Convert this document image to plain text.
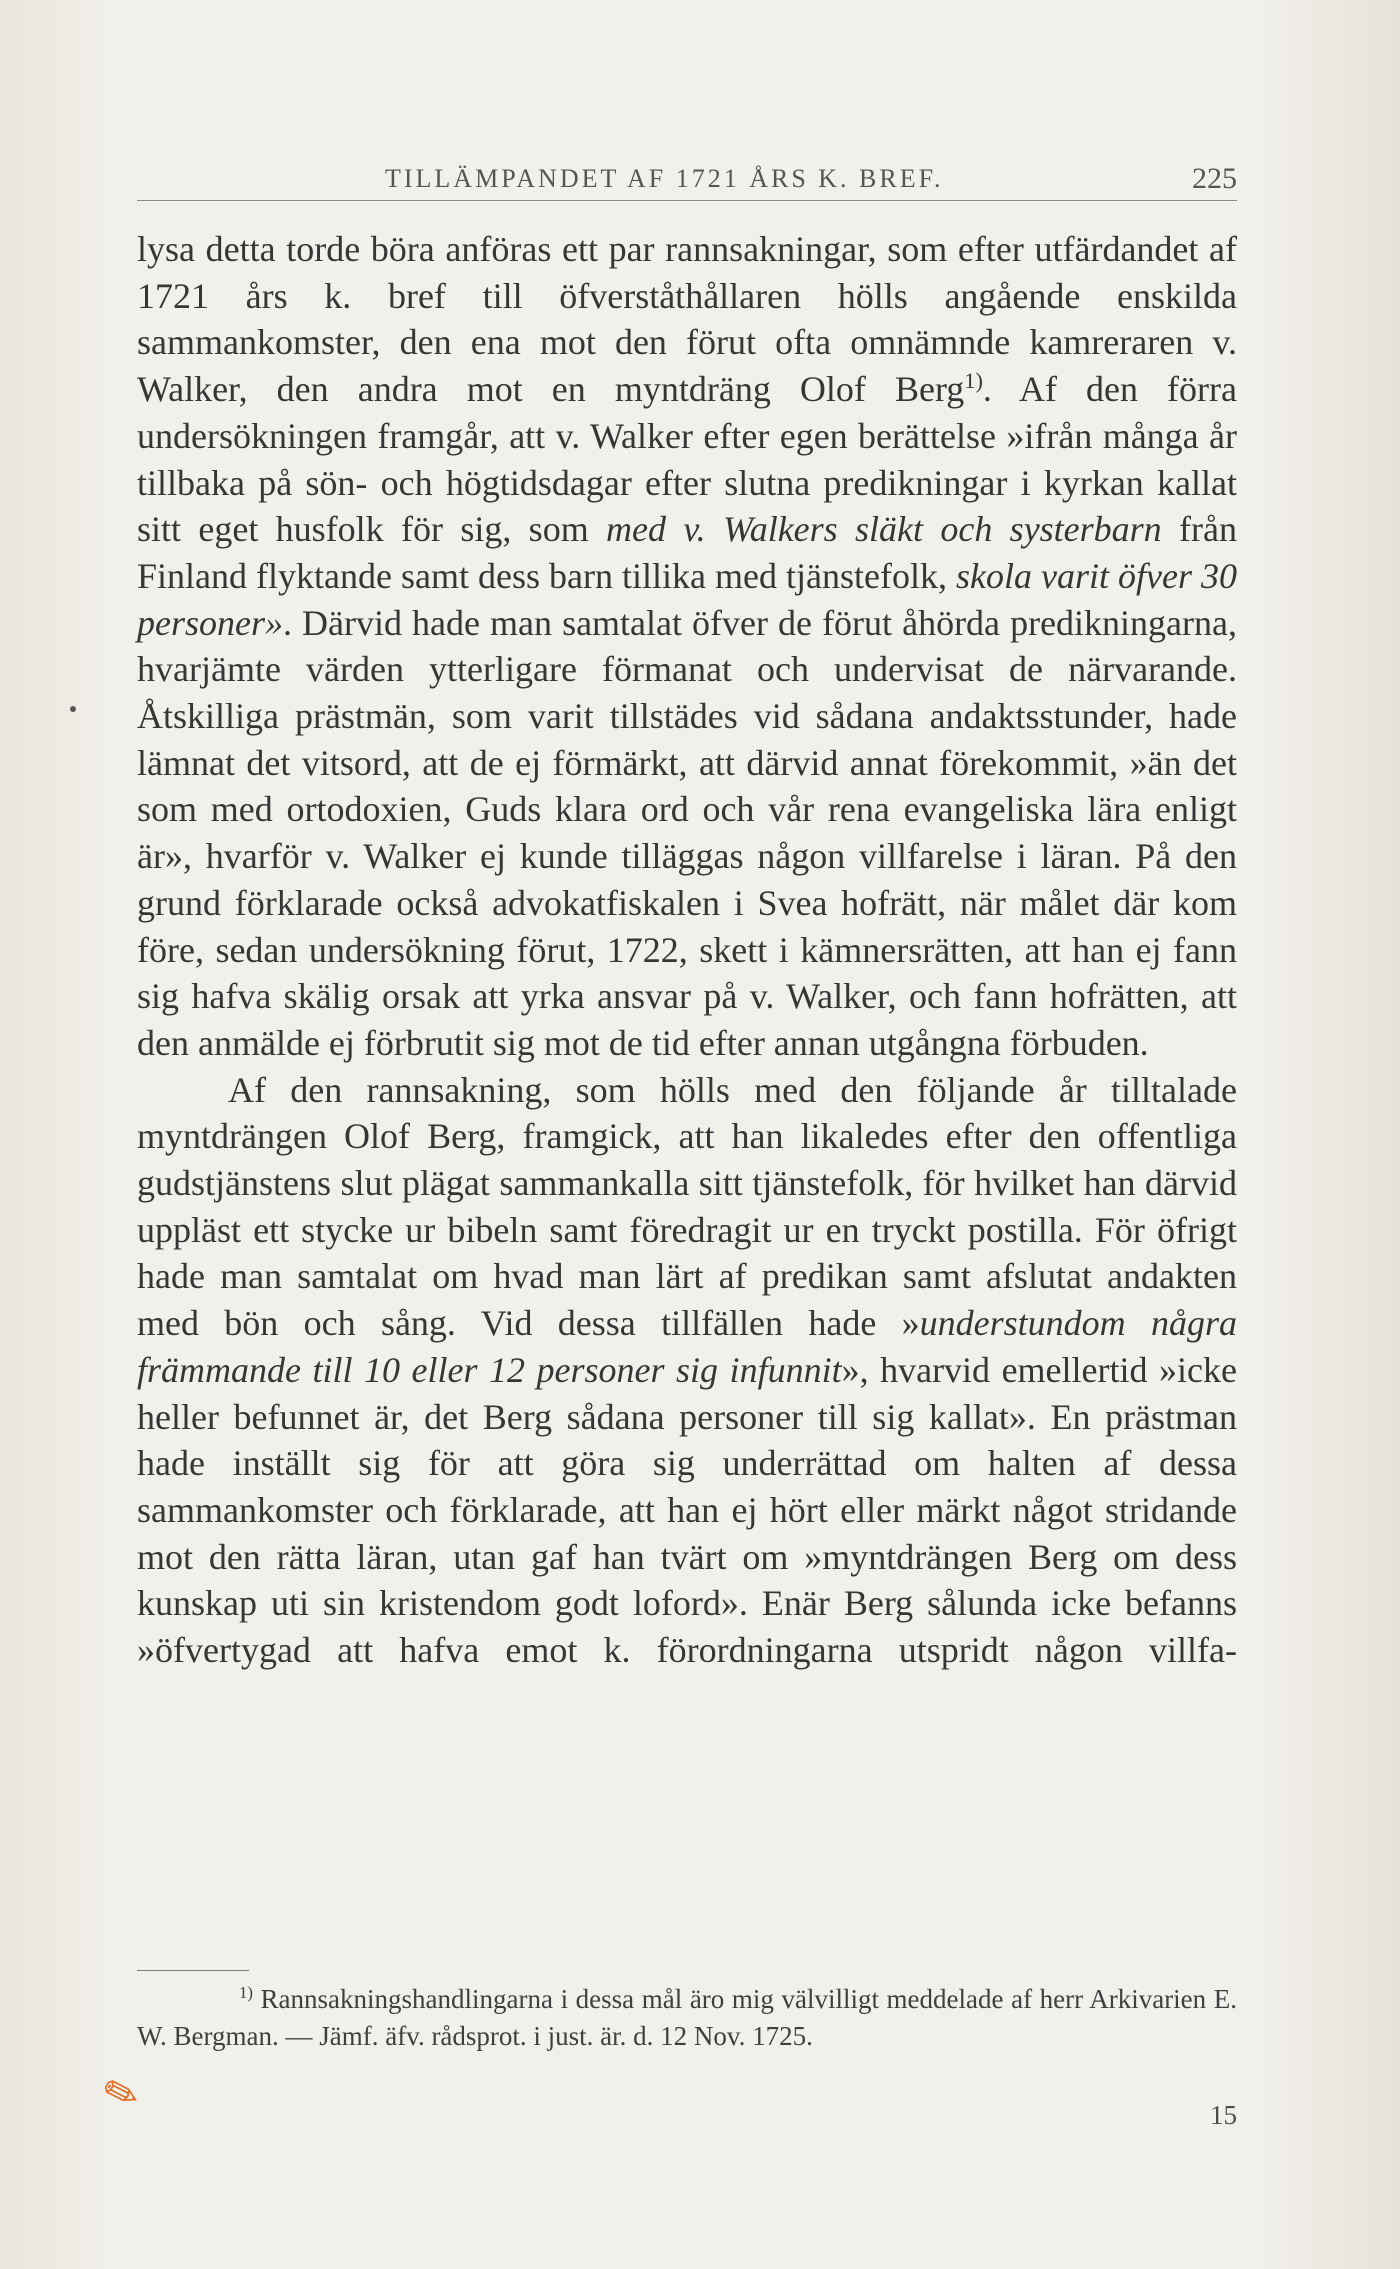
TILLÄMPANDET AF 1721 ÅRS K. BREF.	225

lysa detta torde böra anföras ett par rannsakningar, som efter utfärdandet af 1721 års k. bref till öfverståthållaren hölls angående enskilda sammankomster, den ena mot den förut ofta omnämnde kamreraren v. Walker, den andra mot en myntdräng Olof Berg$^{1)}$. Af den förra undersökningen framgår, att v. Walker efter egen berättelse »ifrån många år tillbaka på sön- och högtidsdagar efter slutna predikningar i kyrkan kallat sitt eget husfolk för sig, som med v. Walkers släkt och systerbarn från Finland flyktande samt dess barn tillika med tjänstefolk, skola varit öfver 30 personer». Därvid hade man samtalat öfver de förut åhörda predikningarna, hvarjämte värden ytterligare förmanat och undervisat de närvarande. Åtskilliga prästmän, som varit tillstädes vid sådana andaktsstunder, hade lämnat det vitsord, att de ej förmärkt, att därvid annat förekommit, »än det som med ortodoxien, Guds klara ord och vår rena evangeliska lära enligt är», hvarför v. Walker ej kunde tilläggas någon villfarelse i läran. På den grund förklarade också advokatfiskalen i Svea hofrätt, när målet där kom före, sedan undersökning förut, 1722, skett i kämnersrätten, att han ej fann sig hafva skälig orsak att yrka ansvar på v. Walker, och fann hofrätten, att den anmälde ej förbrutit sig mot de tid efter annan utgångna förbuden.

Af den rannsakning, som hölls med den följande år tilltalade myntdrängen Olof Berg, framgick, att han likaledes efter den offentliga gudstjänstens slut plägat sammankalla sitt tjänstefolk, för hvilket han därvid uppläst ett stycke ur bibeln samt föredragit ur en tryckt postilla. För öfrigt hade man samtalat om hvad man lärt af predikan samt afslutat andakten med bön och sång. Vid dessa tillfällen hade »understundom några främmande till 10 eller 12 personer sig infunnit», hvarvid emellertid »icke heller befunnet är, det Berg sådana personer till sig kallat». En prästman hade inställt sig för att göra sig underrättad om halten af dessa sammankomster och förklarade, att han ej hört eller märkt något stridande mot den rätta läran, utan gaf han tvärt om »myntdrängen Berg om dess kunskap uti sin kristendom godt loford». Enär Berg sålunda icke befanns »öfvertygad att hafva emot k. förordningarna utspridt någon villfa-

$^{1)}$ Rannsakningshandlingarna i dessa mål äro mig välvilligt meddelade af herr Arkivarien E. W. Bergman. — Jämf. äfv. rådsprot. i just. är. d. 12 Nov. 1725.

✎	15
